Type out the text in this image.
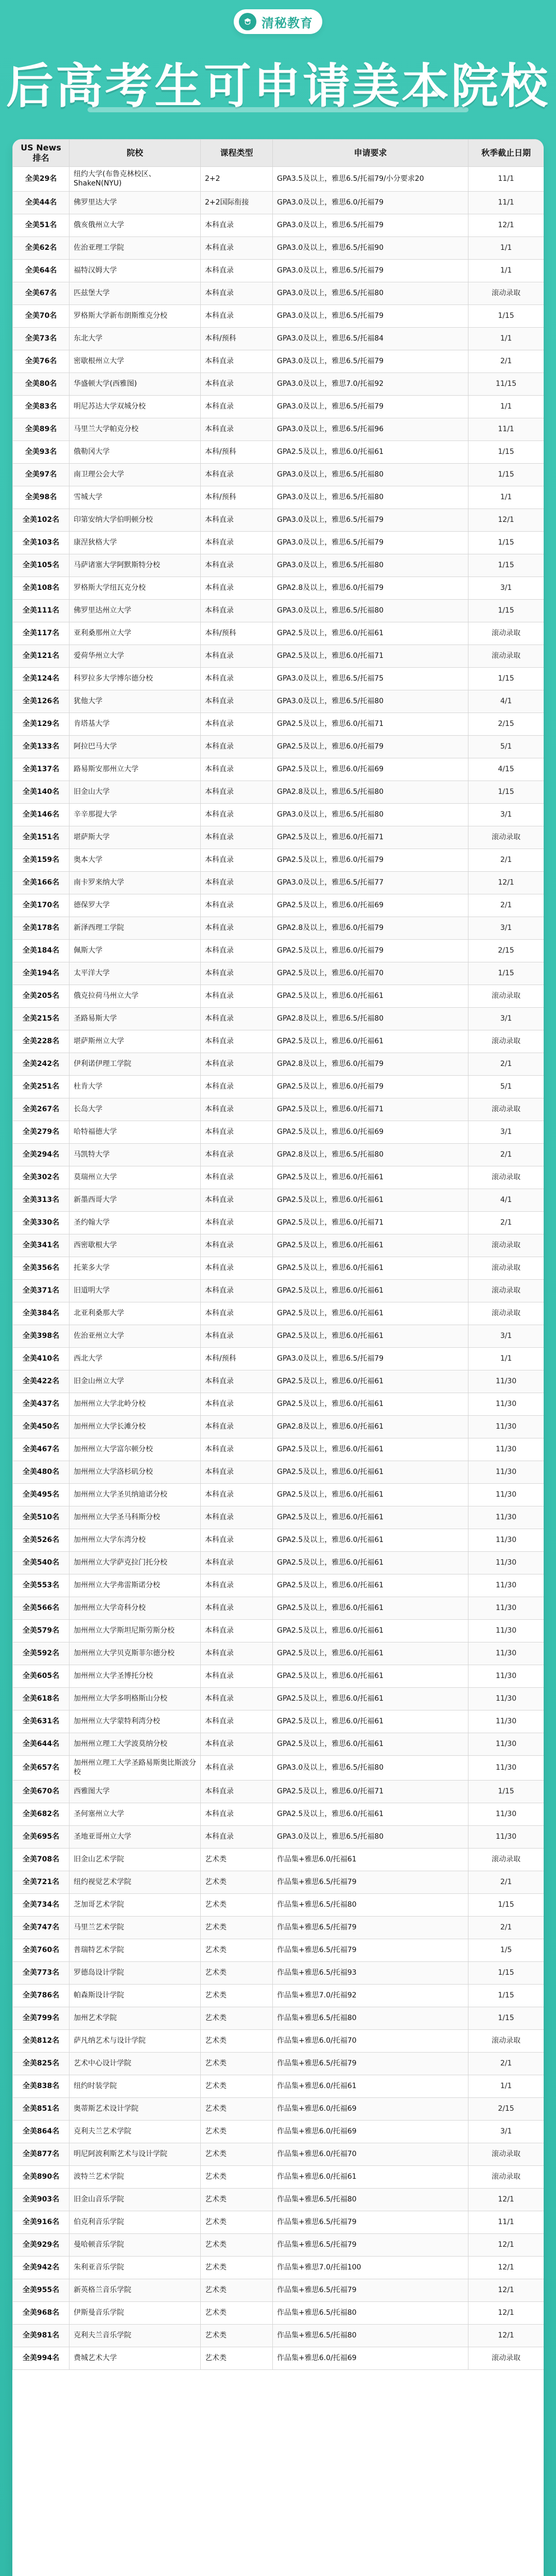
清秘教育
后高考生可申请美本院校
US News排名	院校	课程类型	申请要求	秋季截止日期
全美29名	纽约大学(布鲁克林校区、ShakeN(NYU)	2+2	GPA3.5及以上，雅思6.5/托福79/小分要求20	11/1
全美44名	佛罗里达大学	2+2国际衔接	GPA3.0及以上，雅思6.0/托福79	11/1
全美51名	俄亥俄州立大学	本科直录	GPA3.0及以上，雅思6.5/托福79	12/1
全美62名	佐治亚理工学院	本科直录	GPA3.0及以上，雅思6.5/托福90	1/1
全美64名	福特汉姆大学	本科直录	GPA3.0及以上，雅思6.5/托福79	1/1
全美67名	匹兹堡大学	本科直录	GPA3.0及以上，雅思6.5/托福80	滚动录取
全美70名	罗格斯大学新布朗斯维克分校	本科直录	GPA3.0及以上，雅思6.5/托福79	1/15
全美73名	东北大学	本科/预科	GPA3.0及以上，雅思6.5/托福84	1/1
全美76名	密歇根州立大学	本科直录	GPA3.0及以上，雅思6.5/托福79	2/1
全美80名	华盛顿大学(西雅图)	本科直录	GPA3.0及以上，雅思7.0/托福92	11/15
全美83名	明尼苏达大学双城分校	本科直录	GPA3.0及以上，雅思6.5/托福79	1/1
全美89名	马里兰大学帕克分校	本科直录	GPA3.0及以上，雅思6.5/托福96	11/1
全美93名	俄勒冈大学	本科/预科	GPA2.5及以上，雅思6.0/托福61	1/15
全美97名	南卫理公会大学	本科直录	GPA3.0及以上，雅思6.5/托福80	1/15
全美98名	雪城大学	本科/预科	GPA3.0及以上，雅思6.5/托福80	1/1
全美102名	印第安纳大学伯明顿分校	本科直录	GPA3.0及以上，雅思6.5/托福79	12/1
全美103名	康涅狄格大学	本科直录	GPA3.0及以上，雅思6.5/托福79	1/15
全美105名	马萨诸塞大学阿默斯特分校	本科直录	GPA3.0及以上，雅思6.5/托福80	1/15
全美108名	罗格斯大学纽瓦克分校	本科直录	GPA2.8及以上，雅思6.0/托福79	3/1
全美111名	佛罗里达州立大学	本科直录	GPA3.0及以上，雅思6.5/托福80	1/15
全美117名	亚利桑那州立大学	本科/预科	GPA2.5及以上，雅思6.0/托福61	滚动录取
全美121名	爱荷华州立大学	本科直录	GPA2.5及以上，雅思6.0/托福71	滚动录取
全美124名	科罗拉多大学博尔德分校	本科直录	GPA3.0及以上，雅思6.5/托福75	1/15
全美126名	犹他大学	本科直录	GPA3.0及以上，雅思6.5/托福80	4/1
全美129名	肯塔基大学	本科直录	GPA2.5及以上，雅思6.0/托福71	2/15
全美133名	阿拉巴马大学	本科直录	GPA2.5及以上，雅思6.0/托福79	5/1
全美137名	路易斯安那州立大学	本科直录	GPA2.5及以上，雅思6.0/托福69	4/15
全美140名	旧金山大学	本科直录	GPA2.8及以上，雅思6.5/托福80	1/15
全美146名	辛辛那提大学	本科直录	GPA3.0及以上，雅思6.5/托福80	3/1
全美151名	堪萨斯大学	本科直录	GPA2.5及以上，雅思6.0/托福71	滚动录取
全美159名	奥本大学	本科直录	GPA2.5及以上，雅思6.0/托福79	2/1
全美166名	南卡罗来纳大学	本科直录	GPA3.0及以上，雅思6.5/托福77	12/1
全美170名	德保罗大学	本科直录	GPA2.5及以上，雅思6.0/托福69	2/1
全美178名	新泽西理工学院	本科直录	GPA2.8及以上，雅思6.0/托福79	3/1
全美184名	佩斯大学	本科直录	GPA2.5及以上，雅思6.0/托福79	2/15
全美194名	太平洋大学	本科直录	GPA2.5及以上，雅思6.0/托福70	1/15
全美205名	俄克拉荷马州立大学	本科直录	GPA2.5及以上，雅思6.0/托福61	滚动录取
全美215名	圣路易斯大学	本科直录	GPA2.8及以上，雅思6.5/托福80	3/1
全美228名	堪萨斯州立大学	本科直录	GPA2.5及以上，雅思6.0/托福61	滚动录取
全美242名	伊利诺伊理工学院	本科直录	GPA2.8及以上，雅思6.0/托福79	2/1
全美251名	杜肯大学	本科直录	GPA2.5及以上，雅思6.0/托福79	5/1
全美267名	长岛大学	本科直录	GPA2.5及以上，雅思6.0/托福71	滚动录取
全美279名	哈特福德大学	本科直录	GPA2.5及以上，雅思6.0/托福69	3/1
全美294名	马凯特大学	本科直录	GPA2.8及以上，雅思6.5/托福80	2/1
全美302名	莫瑞州立大学	本科直录	GPA2.5及以上，雅思6.0/托福61	滚动录取
全美313名	新墨西哥大学	本科直录	GPA2.5及以上，雅思6.0/托福61	4/1
全美330名	圣约翰大学	本科直录	GPA2.5及以上，雅思6.0/托福71	2/1
全美341名	西密歇根大学	本科直录	GPA2.5及以上，雅思6.0/托福61	滚动录取
全美356名	托莱多大学	本科直录	GPA2.5及以上，雅思6.0/托福61	滚动录取
全美371名	旧道明大学	本科直录	GPA2.5及以上，雅思6.0/托福61	滚动录取
全美384名	北亚利桑那大学	本科直录	GPA2.5及以上，雅思6.0/托福61	滚动录取
全美398名	佐治亚州立大学	本科直录	GPA2.5及以上，雅思6.0/托福61	3/1
全美410名	西北大学	本科/预科	GPA3.0及以上，雅思6.5/托福79	1/1
全美422名	旧金山州立大学	本科直录	GPA2.5及以上，雅思6.0/托福61	11/30
全美437名	加州州立大学北岭分校	本科直录	GPA2.5及以上，雅思6.0/托福61	11/30
全美450名	加州州立大学长滩分校	本科直录	GPA2.8及以上，雅思6.0/托福61	11/30
全美467名	加州州立大学富尔顿分校	本科直录	GPA2.5及以上，雅思6.0/托福61	11/30
全美480名	加州州立大学洛杉矶分校	本科直录	GPA2.5及以上，雅思6.0/托福61	11/30
全美495名	加州州立大学圣贝纳迪诺分校	本科直录	GPA2.5及以上，雅思6.0/托福61	11/30
全美510名	加州州立大学圣马科斯分校	本科直录	GPA2.5及以上，雅思6.0/托福61	11/30
全美526名	加州州立大学东湾分校	本科直录	GPA2.5及以上，雅思6.0/托福61	11/30
全美540名	加州州立大学萨克拉门托分校	本科直录	GPA2.5及以上，雅思6.0/托福61	11/30
全美553名	加州州立大学弗雷斯诺分校	本科直录	GPA2.5及以上，雅思6.0/托福61	11/30
全美566名	加州州立大学奇科分校	本科直录	GPA2.5及以上，雅思6.0/托福61	11/30
全美579名	加州州立大学斯坦尼斯劳斯分校	本科直录	GPA2.5及以上，雅思6.0/托福61	11/30
全美592名	加州州立大学贝克斯菲尔德分校	本科直录	GPA2.5及以上，雅思6.0/托福61	11/30
全美605名	加州州立大学圣博托分校	本科直录	GPA2.5及以上，雅思6.0/托福61	11/30
全美618名	加州州立大学多明格斯山分校	本科直录	GPA2.5及以上，雅思6.0/托福61	11/30
全美631名	加州州立大学蒙特利湾分校	本科直录	GPA2.5及以上，雅思6.0/托福61	11/30
全美644名	加州州立理工大学波莫纳分校	本科直录	GPA2.5及以上，雅思6.0/托福61	11/30
全美657名	加州州立理工大学圣路易斯奥比斯波分校	本科直录	GPA3.0及以上，雅思6.5/托福80	11/30
全美670名	西雅图大学	本科直录	GPA2.5及以上，雅思6.0/托福71	1/15
全美682名	圣何塞州立大学	本科直录	GPA2.5及以上，雅思6.0/托福61	11/30
全美695名	圣地亚哥州立大学	本科直录	GPA3.0及以上，雅思6.5/托福80	11/30
全美708名	旧金山艺术学院	艺术类	作品集+雅思6.0/托福61	滚动录取
全美721名	纽约视觉艺术学院	艺术类	作品集+雅思6.5/托福79	2/1
全美734名	芝加哥艺术学院	艺术类	作品集+雅思6.5/托福80	1/15
全美747名	马里兰艺术学院	艺术类	作品集+雅思6.5/托福79	2/1
全美760名	普瑞特艺术学院	艺术类	作品集+雅思6.5/托福79	1/5
全美773名	罗德岛设计学院	艺术类	作品集+雅思6.5/托福93	1/15
全美786名	帕森斯设计学院	艺术类	作品集+雅思7.0/托福92	1/15
全美799名	加州艺术学院	艺术类	作品集+雅思6.5/托福80	1/15
全美812名	萨凡纳艺术与设计学院	艺术类	作品集+雅思6.0/托福70	滚动录取
全美825名	艺术中心设计学院	艺术类	作品集+雅思6.5/托福79	2/1
全美838名	纽约时装学院	艺术类	作品集+雅思6.0/托福61	1/1
全美851名	奥蒂斯艺术设计学院	艺术类	作品集+雅思6.0/托福69	2/15
全美864名	克利夫兰艺术学院	艺术类	作品集+雅思6.0/托福69	3/1
全美877名	明尼阿波利斯艺术与设计学院	艺术类	作品集+雅思6.0/托福70	滚动录取
全美890名	波特兰艺术学院	艺术类	作品集+雅思6.0/托福61	滚动录取
全美903名	旧金山音乐学院	艺术类	作品集+雅思6.5/托福80	12/1
全美916名	伯克利音乐学院	艺术类	作品集+雅思6.5/托福79	11/1
全美929名	曼哈顿音乐学院	艺术类	作品集+雅思6.5/托福79	12/1
全美942名	朱利亚音乐学院	艺术类	作品集+雅思7.0/托福100	12/1
全美955名	新英格兰音乐学院	艺术类	作品集+雅思6.5/托福79	12/1
全美968名	伊斯曼音乐学院	艺术类	作品集+雅思6.5/托福80	12/1
全美981名	克利夫兰音乐学院	艺术类	作品集+雅思6.5/托福80	12/1
全美994名	费城艺术大学	艺术类	作品集+雅思6.0/托福69	滚动录取
